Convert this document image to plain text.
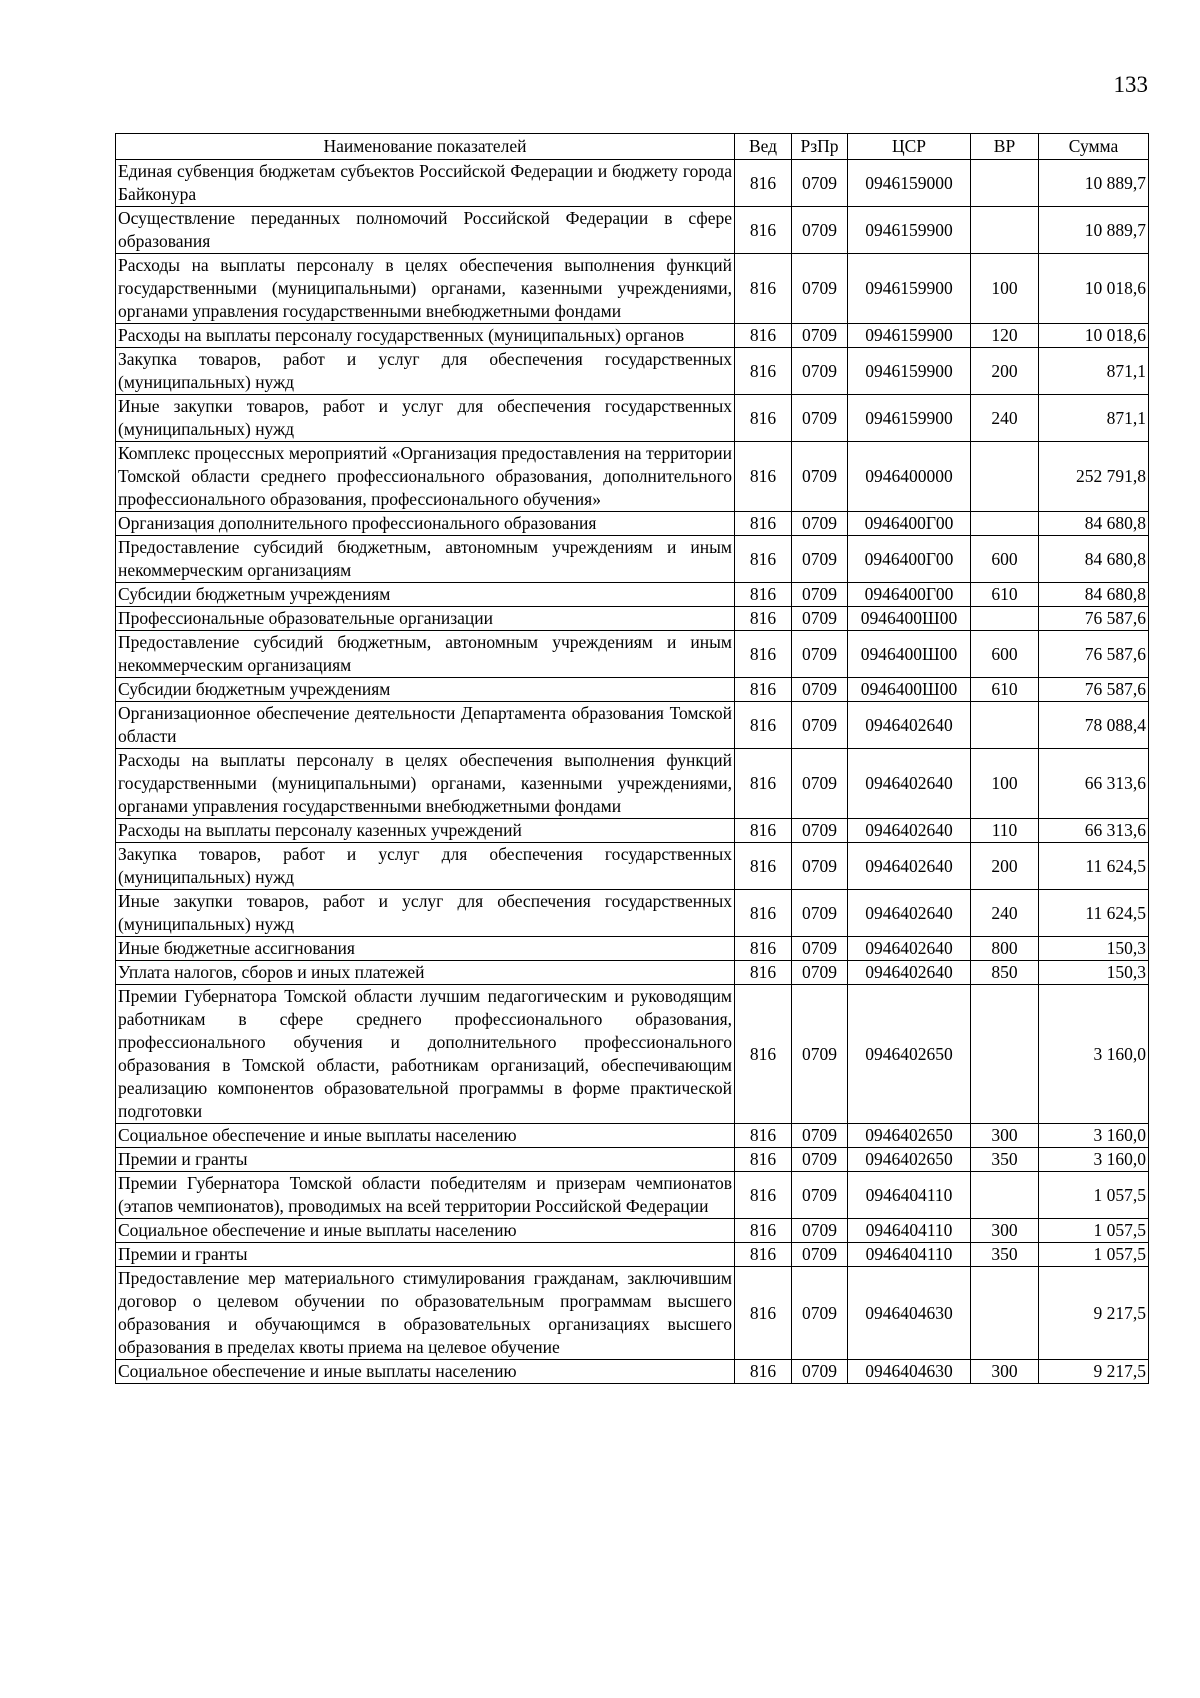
133
Наименование показателей	Вед	РзПр	ЦСР	ВР	Сумма
Единая субвенция бюджетам субъектов Российской Федерации и бюджету города Байконура	816	0709	0946159000		10 889,7
Осуществление переданных полномочий Российской Федерации в сфере образования	816	0709	0946159900		10 889,7
Расходы на выплаты персоналу в целях обеспечения выполнения функций государственными (муниципальными) органами, казенными учреждениями, органами управления государственными внебюджетными фондами	816	0709	0946159900	100	10 018,6
Расходы на выплаты персоналу государственных (муниципальных) органов	816	0709	0946159900	120	10 018,6
Закупка товаров, работ и услуг для обеспечения государственных (муниципальных) нужд	816	0709	0946159900	200	871,1
Иные закупки товаров, работ и услуг для обеспечения государственных (муниципальных) нужд	816	0709	0946159900	240	871,1
Комплекс процессных мероприятий «Организация предоставления на территории Томской области среднего профессионального образования, дополнительного профессионального образования, профессионального обучения»	816	0709	0946400000		252 791,8
Организация дополнительного профессионального образования	816	0709	0946400Г00		84 680,8
Предоставление субсидий бюджетным, автономным учреждениям и иным некоммерческим организациям	816	0709	0946400Г00	600	84 680,8
Субсидии бюджетным учреждениям	816	0709	0946400Г00	610	84 680,8
Профессиональные образовательные организации	816	0709	0946400Ш00		76 587,6
Предоставление субсидий бюджетным, автономным учреждениям и иным некоммерческим организациям	816	0709	0946400Ш00	600	76 587,6
Субсидии бюджетным учреждениям	816	0709	0946400Ш00	610	76 587,6
Организационное обеспечение деятельности Департамента образования Томской области	816	0709	0946402640		78 088,4
Расходы на выплаты персоналу в целях обеспечения выполнения функций государственными (муниципальными) органами, казенными учреждениями, органами управления государственными внебюджетными фондами	816	0709	0946402640	100	66 313,6
Расходы на выплаты персоналу казенных учреждений	816	0709	0946402640	110	66 313,6
Закупка товаров, работ и услуг для обеспечения государственных (муниципальных) нужд	816	0709	0946402640	200	11 624,5
Иные закупки товаров, работ и услуг для обеспечения государственных (муниципальных) нужд	816	0709	0946402640	240	11 624,5
Иные бюджетные ассигнования	816	0709	0946402640	800	150,3
Уплата налогов, сборов и иных платежей	816	0709	0946402640	850	150,3
Премии Губернатора Томской области лучшим педагогическим и руководящим работникам в сфере среднего профессионального образования, профессионального обучения и дополнительного профессионального образования в Томской области, работникам организаций, обеспечивающим реализацию компонентов образовательной программы в форме практической подготовки	816	0709	0946402650		3 160,0
Социальное обеспечение и иные выплаты населению	816	0709	0946402650	300	3 160,0
Премии и гранты	816	0709	0946402650	350	3 160,0
Премии Губернатора Томской области победителям и призерам чемпионатов (этапов чемпионатов), проводимых на всей территории Российской Федерации	816	0709	0946404110		1 057,5
Социальное обеспечение и иные выплаты населению	816	0709	0946404110	300	1 057,5
Премии и гранты	816	0709	0946404110	350	1 057,5
Предоставление мер материального стимулирования гражданам, заключившим договор о целевом обучении по образовательным программам высшего образования и обучающимся в образовательных организациях высшего образования в пределах квоты приема на целевое обучение	816	0709	0946404630		9 217,5
Социальное обеспечение и иные выплаты населению	816	0709	0946404630	300	9 217,5
